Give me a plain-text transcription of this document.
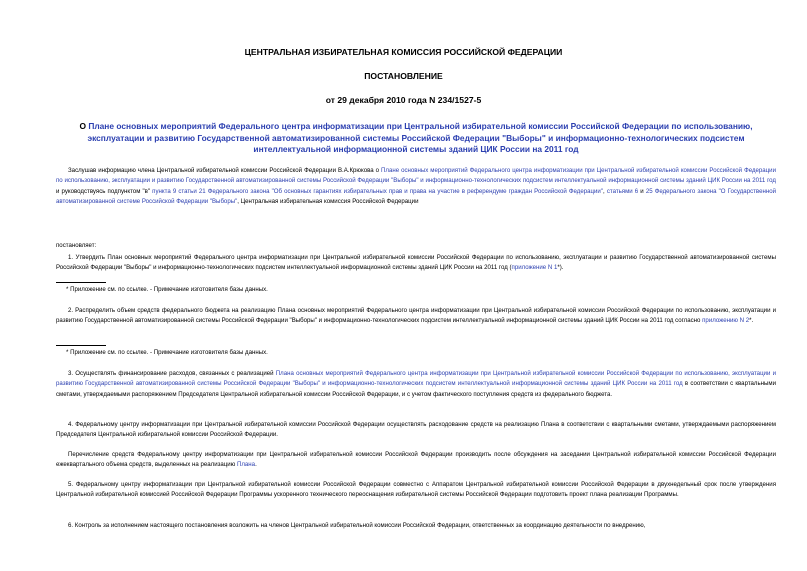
ЦЕНТРАЛЬНАЯ ИЗБИРАТЕЛЬНАЯ КОМИССИЯ РОССИЙСКОЙ ФЕДЕРАЦИИ
ПОСТАНОВЛЕНИЕ
от 29 декабря 2010 года N 234/1527-5
О Плане основных мероприятий Федерального центра информатизации при Центральной избирательной комиссии Российской Федерации по использованию, эксплуатации и развитию Государственной автоматизированной системы Российской Федерации "Выборы" и информационно-технологических подсистем интеллектуальной информационной системы зданий ЦИК России на 2011 год

Заслушав информацию члена Центральной избирательной комиссии Российской Федерации В.А.Крюкова о Плане основных мероприятий Федерального центра информатизации при Центральной избирательной комиссии Российской Федерации по использованию, эксплуатации и развитию Государственной автоматизированной системы Российской Федерации "Выборы" и информационно-технологических подсистем интеллектуальной информационной системы зданий ЦИК России на 2011 год и руководствуясь подпунктом "в" пункта 9 статьи 21 Федерального закона "Об основных гарантиях избирательных прав и права на участие в референдуме граждан Российской Федерации", статьями 6 и 25 Федерального закона "О Государственной автоматизированной системе Российской Федерации "Выборы", Центральная избирательная комиссия Российской Федерации

постановляет:

1. Утвердить План основных мероприятий Федерального центра информатизации при Центральной избирательной комиссии Российской Федерации по использованию, эксплуатации и развитию Государственной автоматизированной системы Российской Федерации "Выборы" и информационно-технологических подсистем интеллектуальной информационной системы зданий ЦИК России на 2011 год (приложение N 1*).

* Приложение см. по ссылке. - Примечание изготовителя базы данных.

2. Распределить объем средств федерального бюджета на реализацию Плана основных мероприятий Федерального центра информатизации при Центральной избирательной комиссии Российской Федерации по использованию, эксплуатации и развитию Государственной автоматизированной системы Российской Федерации "Выборы" и информационно-технологических подсистем интеллектуальной информационной системы зданий ЦИК России на 2011 год согласно приложению N 2*.

* Приложение см. по ссылке. - Примечание изготовителя базы данных.

3. Осуществлять финансирование расходов, связанных с реализацией Плана основных мероприятий Федерального центра информатизации при Центральной избирательной комиссии Российской Федерации по использованию, эксплуатации и развитию Государственной автоматизированной системы Российской Федерации "Выборы" и информационно-технологических подсистем интеллектуальной информационной системы зданий ЦИК России на 2011 год в соответствии с квартальными сметами, утверждаемыми распоряжением Председателя Центральной избирательной комиссии Российской Федерации, и с учетом фактического поступления средств из федерального бюджета.

4. Федеральному центру информатизации при Центральной избирательной комиссии Российской Федерации осуществлять расходование средств на реализацию Плана в соответствии с квартальными сметами, утверждаемыми распоряжением Председателя Центральной избирательной комиссии Российской Федерации.

Перечисление средств Федеральному центру информатизации при Центральной избирательной комиссии Российской Федерации производить после обсуждения на заседании Центральной избирательной комиссии Российской Федерации ежеквартального объема средств, выделенных на реализацию Плана.

5. Федеральному центру информатизации при Центральной избирательной комиссии Российской Федерации совместно с Аппаратом Центральной избирательной комиссии Российской Федерации в двухнедельный срок после утверждения Центральной избирательной комиссией Российской Федерации Программы ускоренного технического переоснащения избирательной системы Российской Федерации подготовить проект плана реализации Программы.

6. Контроль за исполнением настоящего постановления возложить на членов Центральной избирательной комиссии Российской Федерации, ответственных за координацию деятельности по внедрению,
